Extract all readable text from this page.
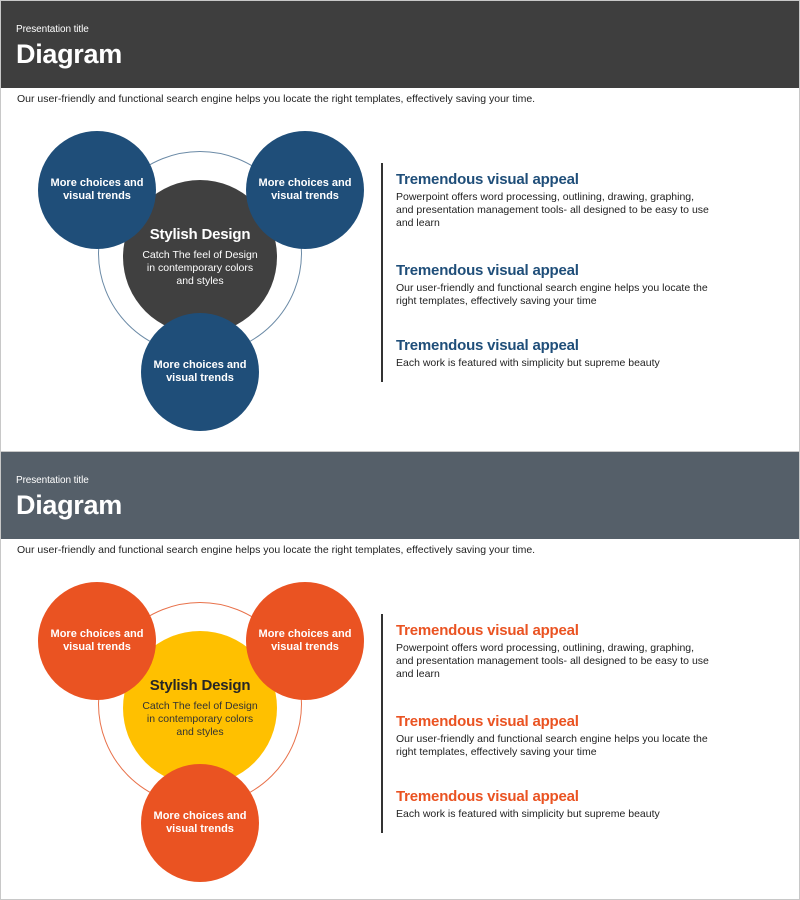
Presentation title
Diagram
Our user-friendly and functional search engine helps you locate the right templates, effectively saving your time.
Stylish Design
Catch The feel of Design in contemporary colors and styles
More choices and visual trends
More choices and visual trends
More choices and visual trends
Tremendous visual appeal
Powerpoint offers word processing, outlining, drawing, graphing, and presentation management tools- all designed to be easy to use and learn
Tremendous visual appeal
Our user-friendly and functional search engine helps you locate the right templates, effectively saving your time
Tremendous visual appeal
Each work is featured with simplicity but supreme beauty
Presentation title
Diagram
Our user-friendly and functional search engine helps you locate the right templates, effectively saving your time.
Stylish Design
Catch The feel of Design in contemporary colors and styles
More choices and visual trends
More choices and visual trends
More choices and visual trends
Tremendous visual appeal
Powerpoint offers word processing, outlining, drawing, graphing, and presentation management tools- all designed to be easy to use and learn
Tremendous visual appeal
Our user-friendly and functional search engine helps you locate the right templates, effectively saving your time
Tremendous visual appeal
Each work is featured with simplicity but supreme beauty
